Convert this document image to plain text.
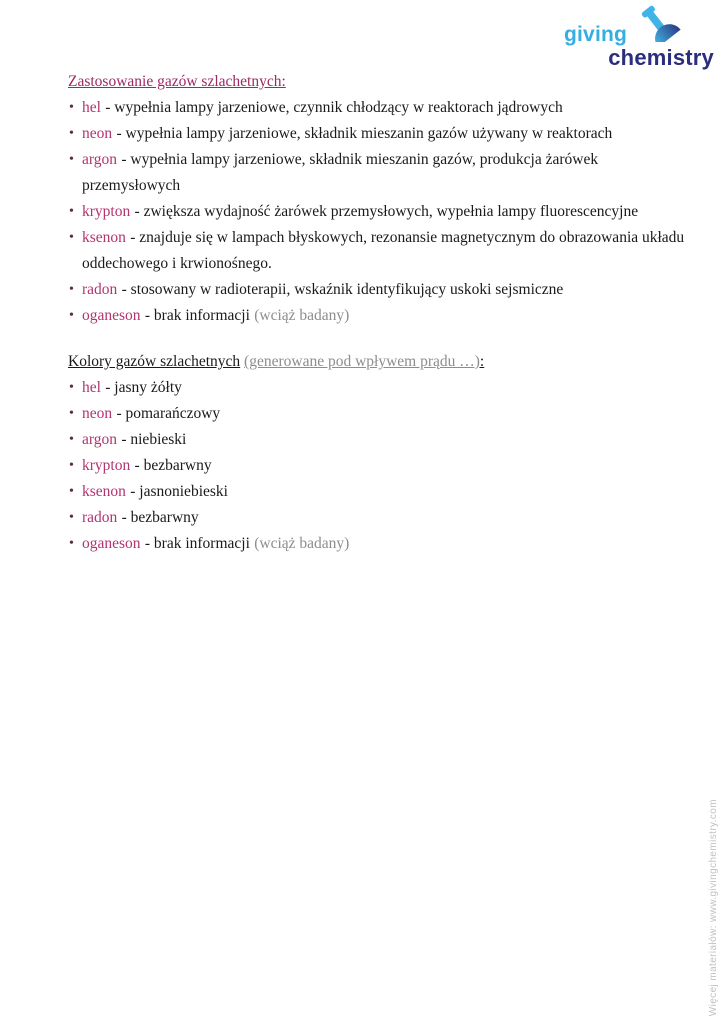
giving
chemistry
Zastosowanie gazów szlachetnych:
• hel - wypełnia lampy jarzeniowe, czynnik chłodzący w reaktorach jądrowych

• neon - wypełnia lampy jarzeniowe, składnik mieszanin gazów używany w reaktorach

• argon - wypełnia lampy jarzeniowe, składnik mieszanin gazów, produkcja żarówek
przemysłowych

• krypton - zwiększa wydajność żarówek przemysłowych, wypełnia lampy fluorescencyjne

• ksenon - znajduje się w lampach błyskowych, rezonansie magnetycznym do obrazowania układu
oddechowego i krwionośnego.

• radon - stosowany w radioterapii, wskaźnik identyfikujący uskoki sejsmiczne

• oganeson - brak informacji (wciąż badany)

Kolory gazów szlachetnych (generowane pod wpływem prądu …):
• hel - jasny żółty

• neon - pomarańczowy

• argon - niebieski

• krypton - bezbarwny

• ksenon - jasnoniebieski

• radon - bezbarwny

• oganeson - brak informacji (wciąż badany)

Więcej materiałów: www.givingchemistry.com
